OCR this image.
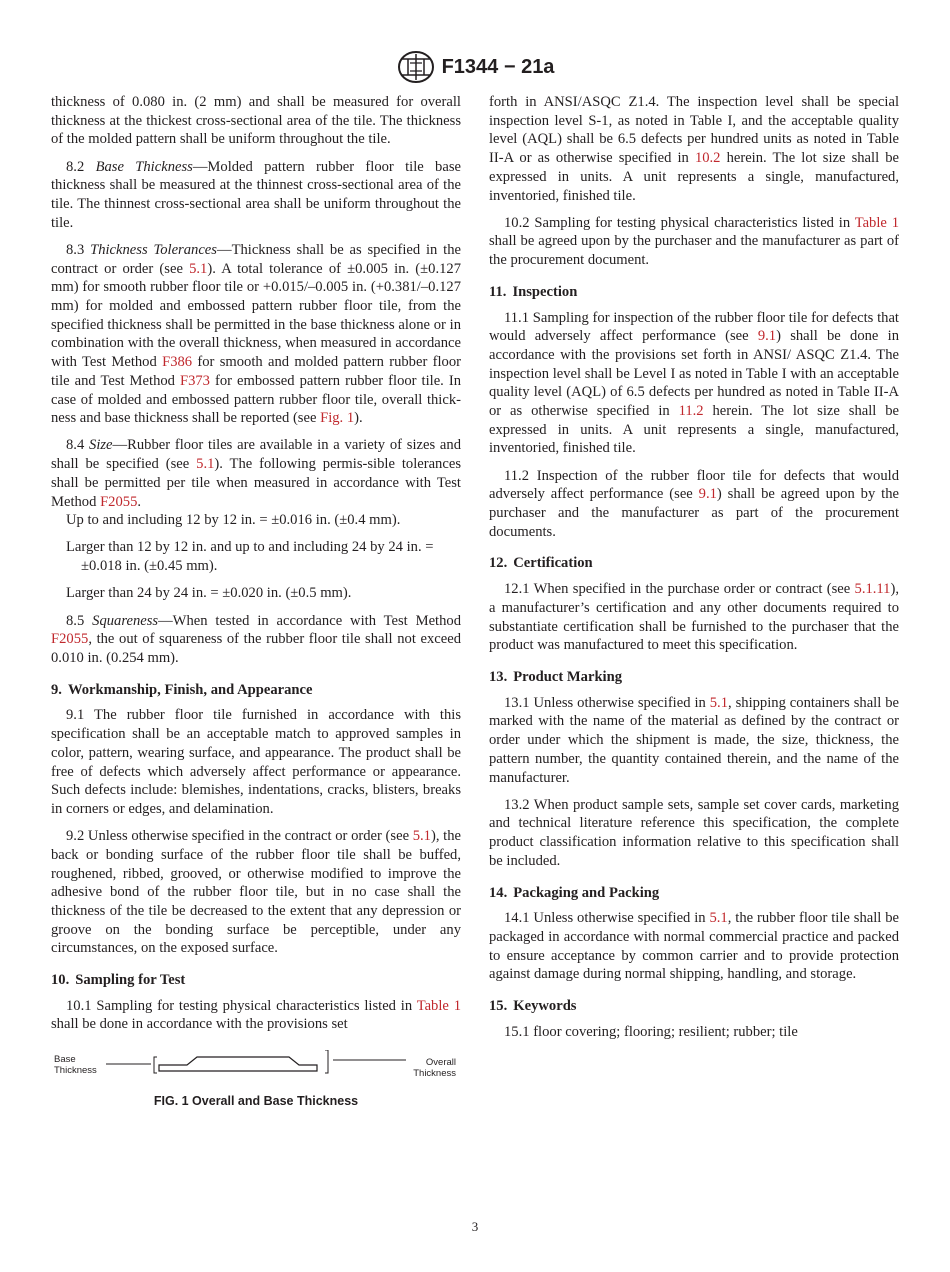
F1344 − 21a

thickness of 0.080 in. (2 mm) and shall be measured for overall thickness at the thickest cross-sectional area of the tile. The thickness of the molded pattern shall be uniform throughout the tile.

8.2 Base Thickness—Molded pattern rubber floor tile base thickness shall be measured at the thinnest cross-sectional area of the tile. The thinnest cross-sectional area shall be uniform throughout the tile.

8.3 Thickness Tolerances—Thickness shall be as specified in the contract or order (see 5.1). A total tolerance of ±0.005 in. (±0.127 mm) for smooth rubber floor tile or +0.015/–0.005 in. (+0.381/–0.127 mm) for molded and embossed pattern rubber floor tile, from the specified thickness shall be permitted in the base thickness alone or in combination with the overall thickness, when measured in accordance with Test Method F386 for smooth and molded pattern rubber floor tile and Test Method F373 for embossed pattern rubber floor tile. In case of molded and embossed pattern rubber floor tile, overall thick-ness and base thickness shall be reported (see Fig. 1).

8.4 Size—Rubber floor tiles are available in a variety of sizes and shall be specified (see 5.1). The following permis-sible tolerances shall be permitted per tile when measured in accordance with Test Method F2055.

Up to and including 12 by 12 in. = ±0.016 in. (±0.4 mm).

Larger than 12 by 12 in. and up to and including 24 by 24 in. = ±0.018 in. (±0.45 mm).

Larger than 24 by 24 in. = ±0.020 in. (±0.5 mm).

8.5 Squareness—When tested in accordance with Test Method F2055, the out of squareness of the rubber floor tile shall not exceed 0.010 in. (0.254 mm).

9. Workmanship, Finish, and Appearance

9.1 The rubber floor tile furnished in accordance with this specification shall be an acceptable match to approved samples in color, pattern, wearing surface, and appearance. The product shall be free of defects which adversely affect performance or appearance. Such defects include: blemishes, indentations, cracks, blisters, breaks in corners or edges, and delamination.

9.2 Unless otherwise specified in the contract or order (see 5.1), the back or bonding surface of the rubber floor tile shall be buffed, roughened, ribbed, grooved, or otherwise modified to improve the adhesive bond of the rubber floor tile, but in no case shall the thickness of the tile be decreased to the extent that any depression or groove on the bonding surface be perceptible, under any circumstances, on the exposed surface.

10. Sampling for Test

10.1 Sampling for testing physical characteristics listed in Table 1 shall be done in accordance with the provisions set

Base
Thickness
Overall
Thickness
FIG. 1 Overall and Base Thickness

forth in ANSI/ASQC Z1.4. The inspection level shall be special inspection level S-1, as noted in Table I, and the acceptable quality level (AQL) shall be 6.5 defects per hundred units as noted in Table II-A or as otherwise specified in 10.2 herein. The lot size shall be expressed in units. A unit represents a single, manufactured, inventoried, finished tile.

10.2 Sampling for testing physical characteristics listed in Table 1 shall be agreed upon by the purchaser and the manufacturer as part of the procurement document.

11. Inspection

11.1 Sampling for inspection of the rubber floor tile for defects that would adversely affect performance (see 9.1) shall be done in accordance with the provisions set forth in ANSI/ ASQC Z1.4. The inspection level shall be Level I as noted in Table I with an acceptable quality level (AQL) of 6.5 defects per hundred as noted in Table II-A or as otherwise specified in 11.2 herein. The lot size shall be expressed in units. A unit represents a single, manufactured, inventoried, finished tile.

11.2 Inspection of the rubber floor tile for defects that would adversely affect performance (see 9.1) shall be agreed upon by the purchaser and the manufacturer as part of the procurement documents.

12. Certification

12.1 When specified in the purchase order or contract (see 5.1.11), a manufacturer’s certification and any other documents required to substantiate certification shall be furnished to the purchaser that the product was manufactured to meet this specification.

13. Product Marking

13.1 Unless otherwise specified in 5.1, shipping containers shall be marked with the name of the material as defined by the contract or order under which the shipment is made, the size, thickness, the pattern number, the quantity contained therein, and the name of the manufacturer.

13.2 When product sample sets, sample set cover cards, marketing and technical literature reference this specification, the complete product classification information relative to this specification shall be included.

14. Packaging and Packing

14.1 Unless otherwise specified in 5.1, the rubber floor tile shall be packaged in accordance with normal commercial practice and packed to ensure acceptance by common carrier and to provide protection against damage during normal shipping, handling, and storage.

15. Keywords

15.1 floor covering; flooring; resilient; rubber; tile

3
